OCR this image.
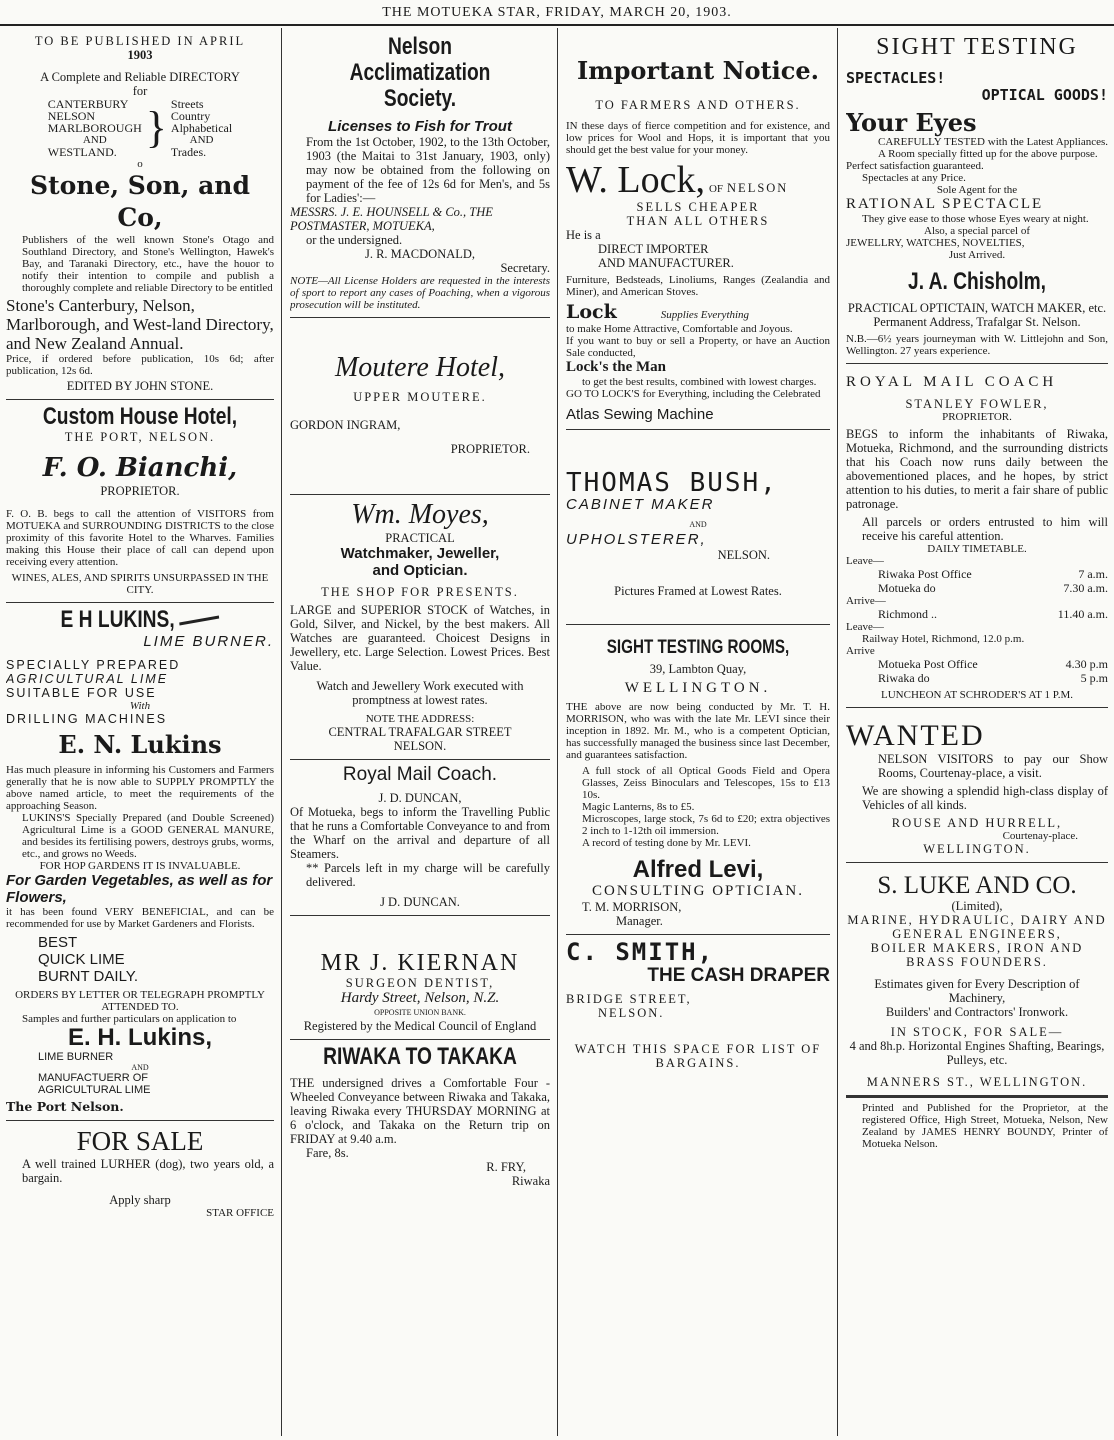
THE MOTUEKA STAR, FRIDAY, MARCH 20, 1903.

TO BE PUBLISHED IN APRIL

1903

A Complete and Reliable DIRECTORY

for

CANTERBURY

NELSON

MARLBOROUGH

AND

WESTLAND. } Streets

Country

Alphabetical

AND

Trades.

o

Stone, Son, and Co,

Publishers of the well known Stone's Otago and Southland Directory, and Stone's Wellington, Hawek's Bay, and Taranaki Directory, etc., have the houor to notify their intention to compile and publish a thoroughly complete and reliable Directory to be entitled

Stone's Canterbury, Nelson, Marlborough, and West-land Directory, and New Zealand Annual.

Price, if ordered before publication, 10s 6d; after publication, 12s 6d.

EDITED BY JOHN STONE.

Custom House Hotel,

THE PORT, NELSON.

F. O. Bianchi,

PROPRIETOR.

F. O. B. begs to call the attention of VISITORS from MOTUEKA and SURROUNDING DISTRICTS to the close proximity of this favorite Hotel to the Wharves. Families making this House their place of call can depend upon receiving every attention.

WINES, ALES, AND SPIRITS UNSURPASSED IN THE CITY.

E H LUKINS,

LIME BURNER.

SPECIALLY PREPARED

AGRICULTURAL LIME

SUITABLE FOR USE

With

DRILLING MACHINES

E. N. Lukins

Has much pleasure in informing his Customers and Farmers generally that he is now able to SUPPLY PROMPTLY the above named article, to meet the requirements of the approaching Season.

LUKINS'S Specially Prepared (and Double Screened) Agricultural Lime is a GOOD GENERAL MANURE, and besides its fertilising powers, destroys grubs, worms, etc., and grows no Weeds.

FOR HOP GARDENS IT IS INVALUABLE.

For Garden Vegetables, as well as for Flowers,

it has been found VERY BENEFICIAL, and can be recommended for use by Market Gardeners and Florists.

BEST

QUICK LIME

BURNT DAILY.

ORDERS BY LETTER OR TELEGRAPH PROMPTLY ATTENDED TO.

Samples and further particulars on application to

E. H. Lukins,

LIME BURNER

AND

MANUFACTUERR OF

AGRICULTURAL LIME

The Port Nelson.

FOR SALE

A well trained LURHER (dog), two years old, a bargain.

Apply sharp

STAR OFFICE

Nelson Acclimatization

Society.

Licenses to Fish for Trout

From the 1st October, 1902, to the 13th October, 1903 (the Maitai to 31st January, 1903, only) may now be obtained from the following on payment of the fee of 12s 6d for Men's, and 5s for Ladies':—

MESSRS. J. E. HOUNSELL & Co., THE POSTMASTER, MOTUEKA,

or the undersigned.

J. R. MACDONALD,

Secretary.

NOTE—All License Holders are requested in the interests of sport to report any cases of Poaching, when a vigorous prosecution will be instituted.

Moutere Hotel,

UPPER MOUTERE.

GORDON INGRAM,

PROPRIETOR.

Wm. Moyes,

PRACTICAL

Watchmaker, Jeweller,

and Optician.

THE SHOP FOR PRESENTS.

LARGE and SUPERIOR STOCK of Watches, in Gold, Silver, and Nickel, by the best makers. All Watches are guaranteed. Choicest Designs in Jewellery, etc. Large Selection. Lowest Prices. Best Value.

Watch and Jewellery Work executed with promptness at lowest rates.

NOTE THE ADDRESS:

CENTRAL TRAFALGAR STREET

NELSON.

Royal Mail Coach.

J. D. DUNCAN,

Of Motueka, begs to inform the Travelling Public that he runs a Comfortable Conveyance to and from the Wharf on the arrival and departure of all Steamers.

** Parcels left in my charge will be carefully delivered.

J D. DUNCAN.

MR J. KIERNAN

SURGEON DENTIST,

Hardy Street, Nelson, N.Z.

OPPOSITE UNION BANK.

Registered by the Medical Council of England

RIWAKA TO TAKAKA

THE undersigned drives a Comfortable Four - Wheeled Conveyance between Riwaka and Takaka, leaving Riwaka every THURSDAY MORNING at 6 o'clock, and Takaka on the Return trip on FRIDAY at 9.40 a.m.

Fare, 8s.

R. FRY,

Riwaka

Important Notice.

TO FARMERS AND OTHERS.

IN these days of fierce competition and for existence, and low prices for Wool and Hops, it is important that you should get the best value for your money.

W. Lock, OF NELSON

SELLS CHEAPER

THAN ALL OTHERS

He is a

DIRECT IMPORTER

AND MANUFACTURER.

Furniture, Bedsteads, Linoliums, Ranges (Zealandia and Miner), and American Stoves.

Lock	Supplies Everything

to make Home Attractive, Comfortable and Joyous.

If you want to buy or sell a Property, or have an Auction Sale conducted,

Lock's the Man

to get the best results, combined with lowest charges.

GO TO LOCK'S for Everything, including the Celebrated

Atlas Sewing Machine

THOMAS BUSH,

CABINET MAKER

AND

UPHOLSTERER,

NELSON.

Pictures Framed at Lowest Rates.

SIGHT TESTING ROOMS,

39, Lambton Quay,

WELLINGTON.

THE above are now being conducted by Mr. T. H. MORRISON, who was with the late Mr. LEVI since their inception in 1892. Mr. M., who is a competent Optician, has successfully managed the business since last December, and guarantees satisfaction.

A full stock of all Optical Goods Field and Opera Glasses, Zeiss Binoculars and Telescopes, 15s to £13 10s.

Magic Lanterns, 8s to £5.

Microscopes, large stock, 7s 6d to £20; extra objectives 2 inch to 1-12th oil immersion.

A record of testing done by Mr. LEVI.

Alfred Levi,

CONSULTING OPTICIAN.

T. M. MORRISON,

Manager.

C. SMITH,

THE CASH DRAPER

BRIDGE STREET,

NELSON.

WATCH THIS SPACE FOR LIST OF BARGAINS.

SIGHT TESTING

SPECTACLES!

OPTICAL GOODS!

Your Eyes

CAREFULLY TESTED with the Latest Appliances. A Room specially fitted up for the above purpose.

Perfect satisfaction guaranteed.

Spectacles at any Price.

Sole Agent for the

RATIONAL SPECTACLE

They give ease to those whose Eyes weary at night.

Also, a special parcel of

JEWELLRY, WATCHES, NOVELTIES,

Just Arrived.

J. A. Chisholm,

PRACTICAL OPTICTAIN, WATCH MAKER, etc.

Permanent Address, Trafalgar St. Nelson.

N.B.—6½ years journeyman with W. Littlejohn and Son, Wellington. 27 years experience.

ROYAL MAIL COACH

STANLEY FOWLER,

PROPRIETOR.

BEGS to inform the inhabitants of Riwaka, Motueka, Richmond, and the surrounding districts that his Coach now runs daily between the abovementioned places, and he hopes, by strict attention to his duties, to merit a fair share of public patronage.

All parcels or orders entrusted to him will receive his careful attention.

DAILY TIMETABLE.

Leave—

Riwaka Post Office	7 a.m.
Motueka do	7.30 a.m.

Arrive—

Richmond ..	11.40 a.m.

Leave—

Railway Hotel, Richmond, 12.0 p.m.

Arrive

Motueka Post Office	4.30 p.m
Riwaka do	5 p.m

LUNCHEON AT SCHRODER'S AT 1 P.M.

WANTED

NELSON VISITORS to pay our Show Rooms, Courtenay-place, a visit.

We are showing a splendid high-class display of Vehicles of all kinds.

ROUSE AND HURRELL,

Courtenay-place.

WELLINGTON.

S. LUKE AND CO.

(Limited),

MARINE, HYDRAULIC, DAIRY AND GENERAL ENGINEERS,

BOILER MAKERS, IRON AND BRASS FOUNDERS.

Estimates given for Every Description of Machinery,

Builders' and Contractors' Ironwork.

IN STOCK, FOR SALE—

4 and 8h.p. Horizontal Engines Shafting, Bearings, Pulleys, etc.

MANNERS ST., WELLINGTON.

Printed and Published for the Proprietor, at the registered Office, High Street, Motueka, Nelson, New Zealand by JAMES HENRY BOUNDY, Printer of Motueka Nelson.
